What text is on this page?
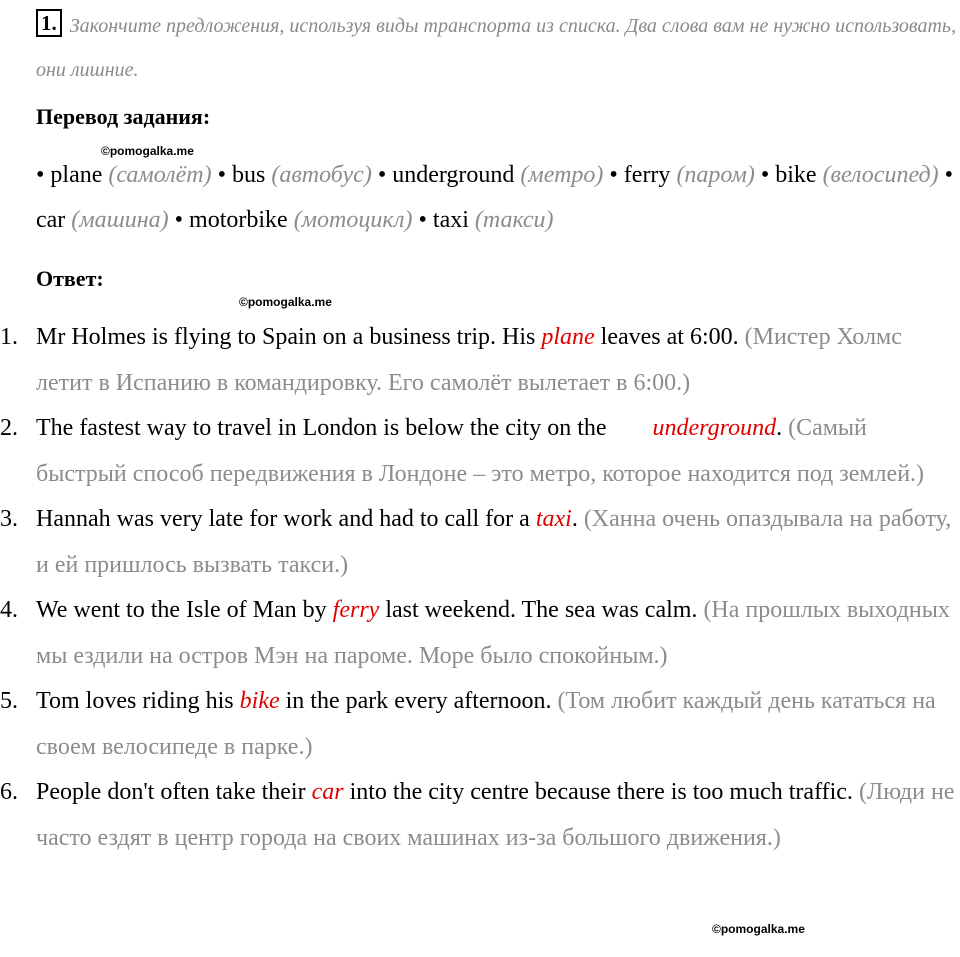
1. Закончите предложения, используя виды транспорта из списка. Два слова вам не нужно использовать, они лишние.
Перевод задания:
©pomogalka.me
• plane (самолёт) • bus (автобус) • underground (метро) • ferry (паром) • bike (велосипед) • car (машина) • motorbike (мотоцикл) • taxi (такси)
Ответ:
©pomogalka.me
1. Mr Holmes is flying to Spain on a business trip. His plane leaves at 6:00. (Мистер Холмс летит в Испанию в командировку. Его самолёт вылетает в 6:00.)
2. The fastest way to travel in London is below the city on the underground. (Самый быстрый способ передвижения в Лондоне – это метро, которое находится под землей.)
3. Hannah was very late for work and had to call for a taxi. (Ханна очень опаздывала на работу, и ей пришлось вызвать такси.)
4. We went to the Isle of Man by ferry last weekend. The sea was calm. (На прошлых выходных мы ездили на остров Мэн на пароме. Море было спокойным.)
5. Tom loves riding his bike in the park every afternoon. (Том любит каждый день кататься на своем велосипеде в парке.)
6. People don't often take their car into the city centre because there is too much traffic. (Люди не часто ездят в центр города на своих машинах из-за большого движения.)
©pomogalka.me
